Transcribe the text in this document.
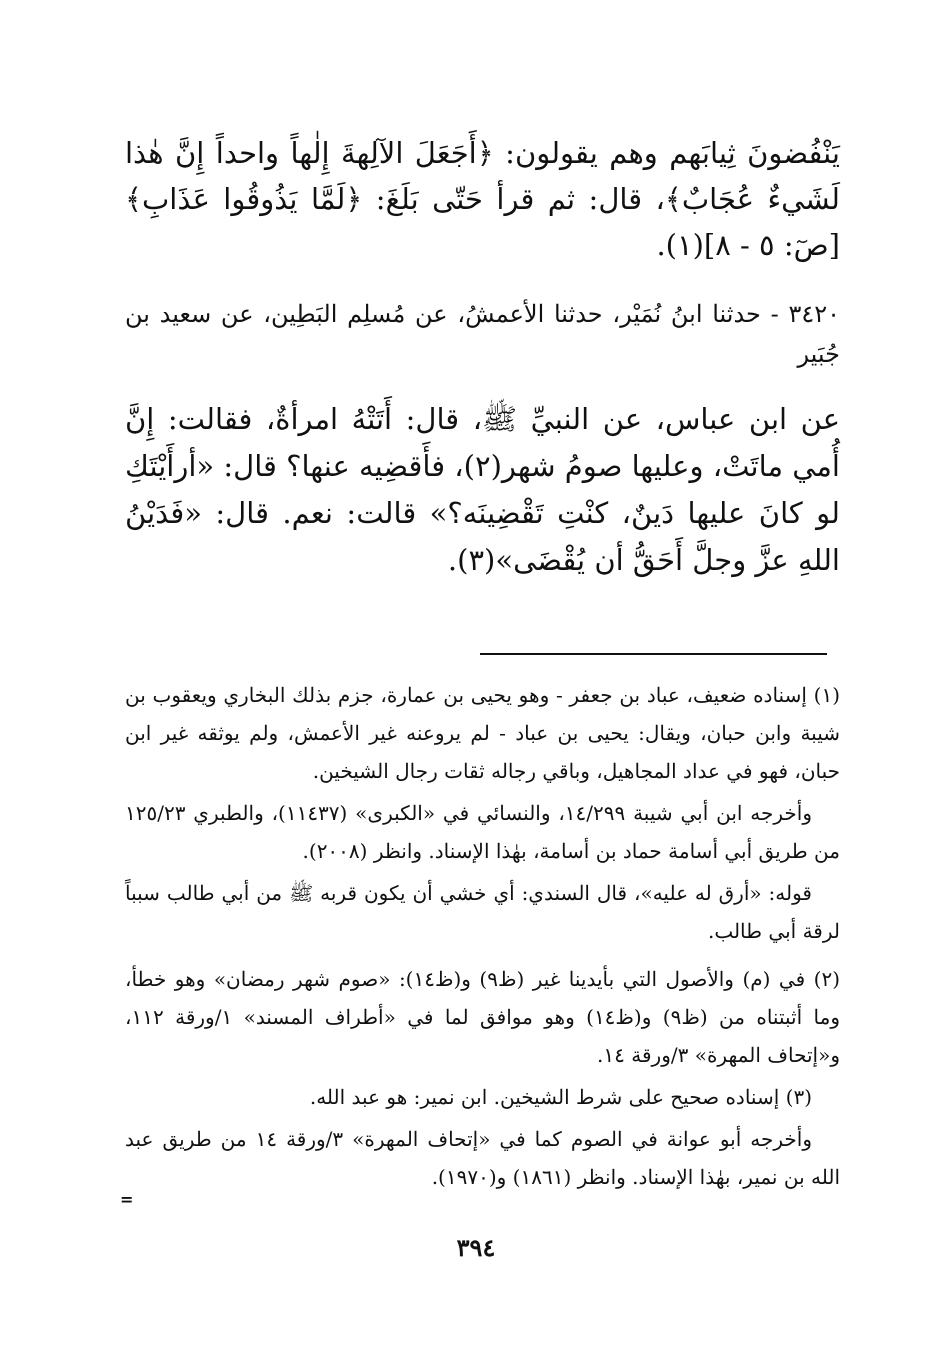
يَنْفُضونَ ثِيابَهم وهم يقولون: ﴿أَجَعَلَ الآلِهةَ إِلٰهاً واحداً إِنَّ هٰذا لَشَيءٌ عُجَابٌ﴾، قال: ثم قرأ حَتّى بَلَغَ: ﴿لَمَّا يَذُوقُوا عَذَابِ﴾ [صٓ: ٥ - ٨](١).

٣٤٢٠ - حدثنا ابنُ نُمَيْر، حدثنا الأعمشُ، عن مُسلِم البَطِين، عن سعيد بن جُبَير

عن ابن عباس، عن النبيِّ ﷺ، قال: أَتَتْهُ امرأةٌ، فقالت: إِنَّ أُمي ماتَتْ، وعليها صومُ شهر(٢)، فأَقضِيه عنها؟ قال: «أرأَيْتَكِ لو كانَ عليها دَينٌ، كنْتِ تَقْضِينَه؟» قالت: نعم. قال: «فَدَيْنُ اللهِ عزَّ وجلَّ أَحَقُّ أن يُقْضَى»(٣).

(١) إسناده ضعيف، عباد بن جعفر - وهو يحيى بن عمارة، جزم بذلك البخاري ويعقوب بن شيبة وابن حبان، ويقال: يحيى بن عباد - لم يروعنه غير الأعمش، ولم يوثقه غير ابن حبان، فهو في عداد المجاهيل، وباقي رجاله ثقات رجال الشيخين.

وأخرجه ابن أبي شيبة ١٤/٢٩٩، والنسائي في «الكبرى» (١١٤٣٧)، والطبري ١٢٥/٢٣ من طريق أبي أسامة حماد بن أسامة، بهٰذا الإسناد. وانظر (٢٠٠٨).

قوله: «أرق له عليه»، قال السندي: أي خشي أن يكون قربه ﷺ من أبي طالب سبباً لرقة أبي طالب.

(٢) في (م) والأصول التي بأيدينا غير (ظ٩) و(ظ١٤): «صوم شهر رمضان» وهو خطأ، وما أثبتناه من (ظ٩) و(ظ١٤) وهو موافق لما في «أطراف المسند» ١/ورقة ١١٢، و«إتحاف المهرة» ٣/ورقة ١٤.

(٣) إسناده صحيح على شرط الشيخين. ابن نمير: هو عبد الله.

وأخرجه أبو عوانة في الصوم كما في «إتحاف المهرة» ٣/ورقة ١٤ من طريق عبد الله بن نمير، بهٰذا الإسناد. وانظر (١٨٦١) و(١٩٧٠).

=
٣٩٤
